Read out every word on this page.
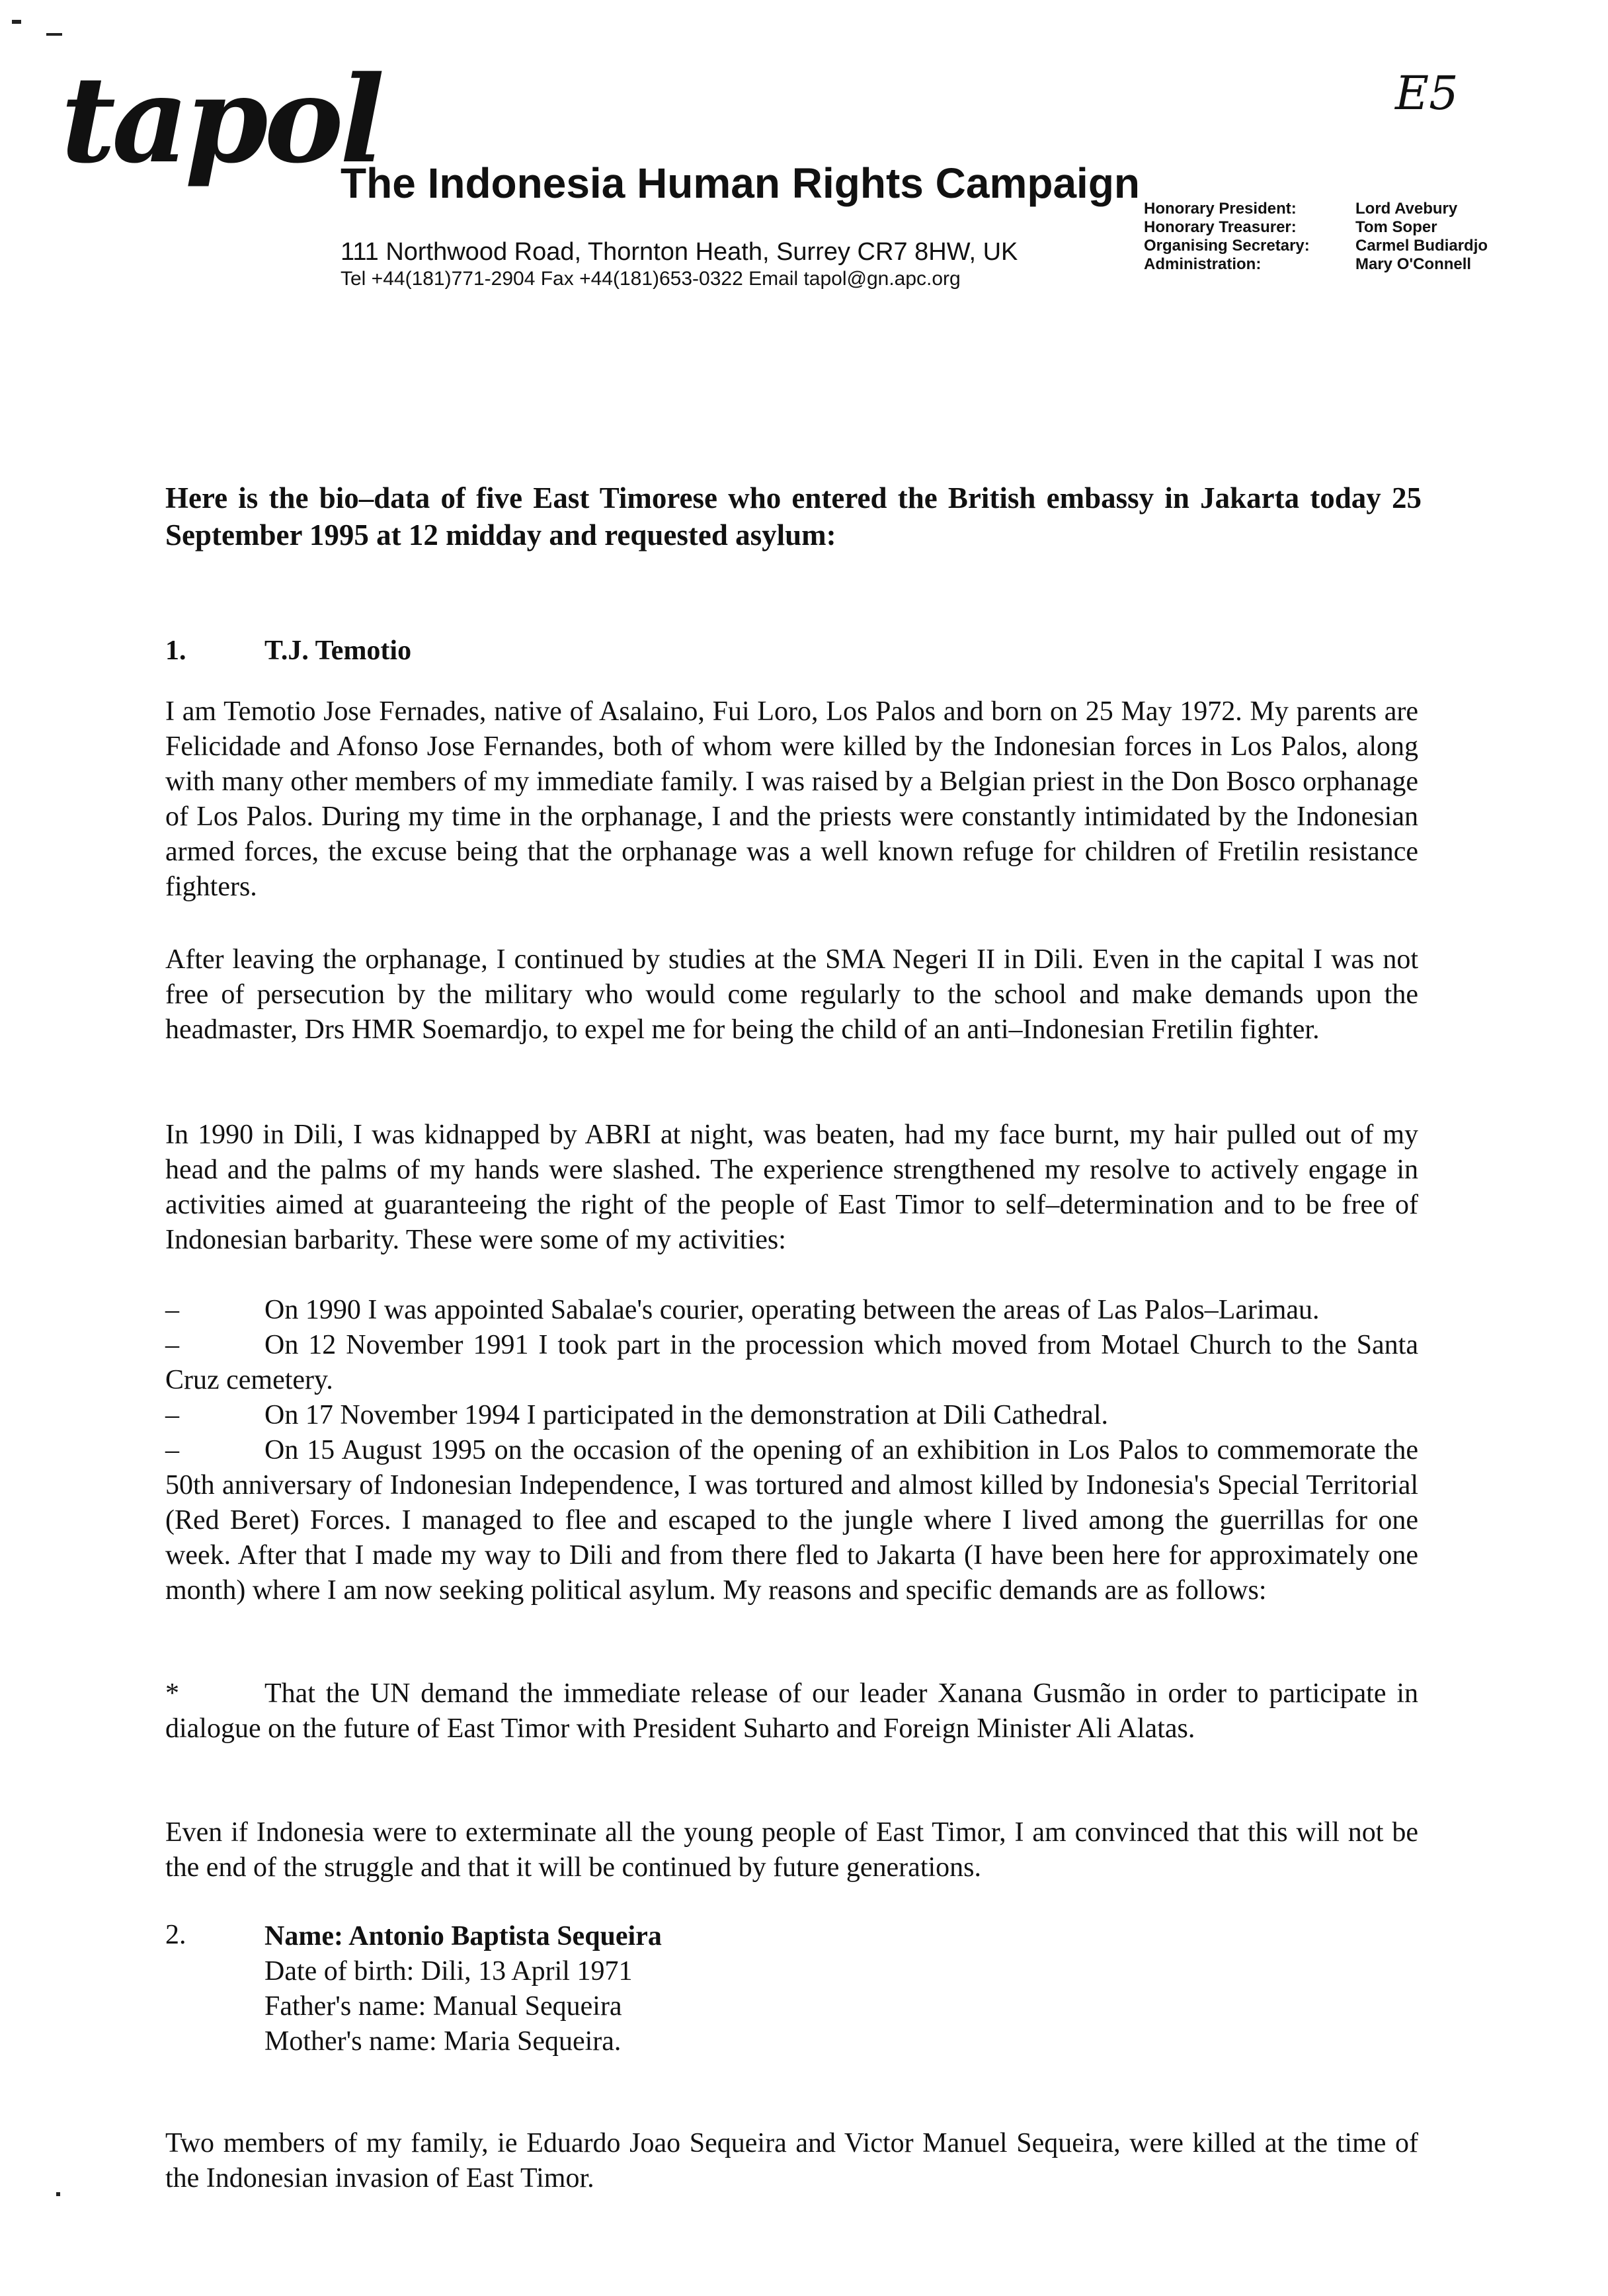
tapol
The Indonesia Human Rights Campaign
111 Northwood Road, Thornton Heath, Surrey CR7 8HW, UK
Tel +44(181)771-2904 Fax +44(181)653-0322 Email tapol@gn.apc.org
Honorary President:	Lord Avebury
Honorary Treasurer:	Tom Soper
Organising Secretary:	Carmel Budiardjo
Administration:	Mary O'Connell
E5
Here is the bio–data of five East Timorese who entered the British embassy in Jakarta today 25 September 1995 at 12 midday and requested asylum:
1.	T.J. Temotio
I am Temotio Jose Fernades, native of Asalaino, Fui Loro, Los Palos and born on 25 May 1972. My parents are Felicidade and Afonso Jose Fernandes, both of whom were killed by the Indonesian forces in Los Palos, along with many other members of my immediate family. I was raised by a Belgian priest in the Don Bosco orphanage of Los Palos. During my time in the orphanage, I and the priests were constantly intimidated by the Indonesian armed forces, the excuse being that the orphanage was a well known refuge for children of Fretilin resistance fighters.
After leaving the orphanage, I continued by studies at the SMA Negeri II in Dili. Even in the capital I was not free of persecution by the military who would come regularly to the school and make demands upon the headmaster, Drs HMR Soemardjo, to expel me for being the child of an anti–Indonesian Fretilin fighter.
In 1990 in Dili, I was kidnapped by ABRI at night, was beaten, had my face burnt, my hair pulled out of my head and the palms of my hands were slashed. The experience strengthened my resolve to actively engage in activities aimed at guaranteeing the right of the people of East Timor to self–determination and to be free of Indonesian barbarity. These were some of my activities:
–	On 1990 I was appointed Sabalae's courier, operating between the areas of Las Palos–Larimau.
–	On 12 November 1991 I took part in the procession which moved from Motael Church to the Santa Cruz cemetery.
–	On 17 November 1994 I participated in the demonstration at Dili Cathedral.
–	On 15 August 1995 on the occasion of the opening of an exhibition in Los Palos to commemorate the 50th anniversary of Indonesian Independence, I was tortured and almost killed by Indonesia's Special Territorial (Red Beret) Forces. I managed to flee and escaped to the jungle where I lived among the guerrillas for one week. After that I made my way to Dili and from there fled to Jakarta (I have been here for approximately one month) where I am now seeking political asylum. My reasons and specific demands are as follows:
*	That the UN demand the immediate release of our leader Xanana Gusmão in order to participate in dialogue on the future of East Timor with President Suharto and Foreign Minister Ali Alatas.
Even if Indonesia were to exterminate all the young people of East Timor, I am convinced that this will not be the end of the struggle and that it will be continued by future generations.
2.	Name: Antonio Baptista Sequeira
Date of birth: Dili, 13 April 1971
Father's name: Manual Sequeira
Mother's name: Maria Sequeira.
Two members of my family, ie Eduardo Joao Sequeira and Victor Manuel Sequeira, were killed at the time of the Indonesian invasion of East Timor.
